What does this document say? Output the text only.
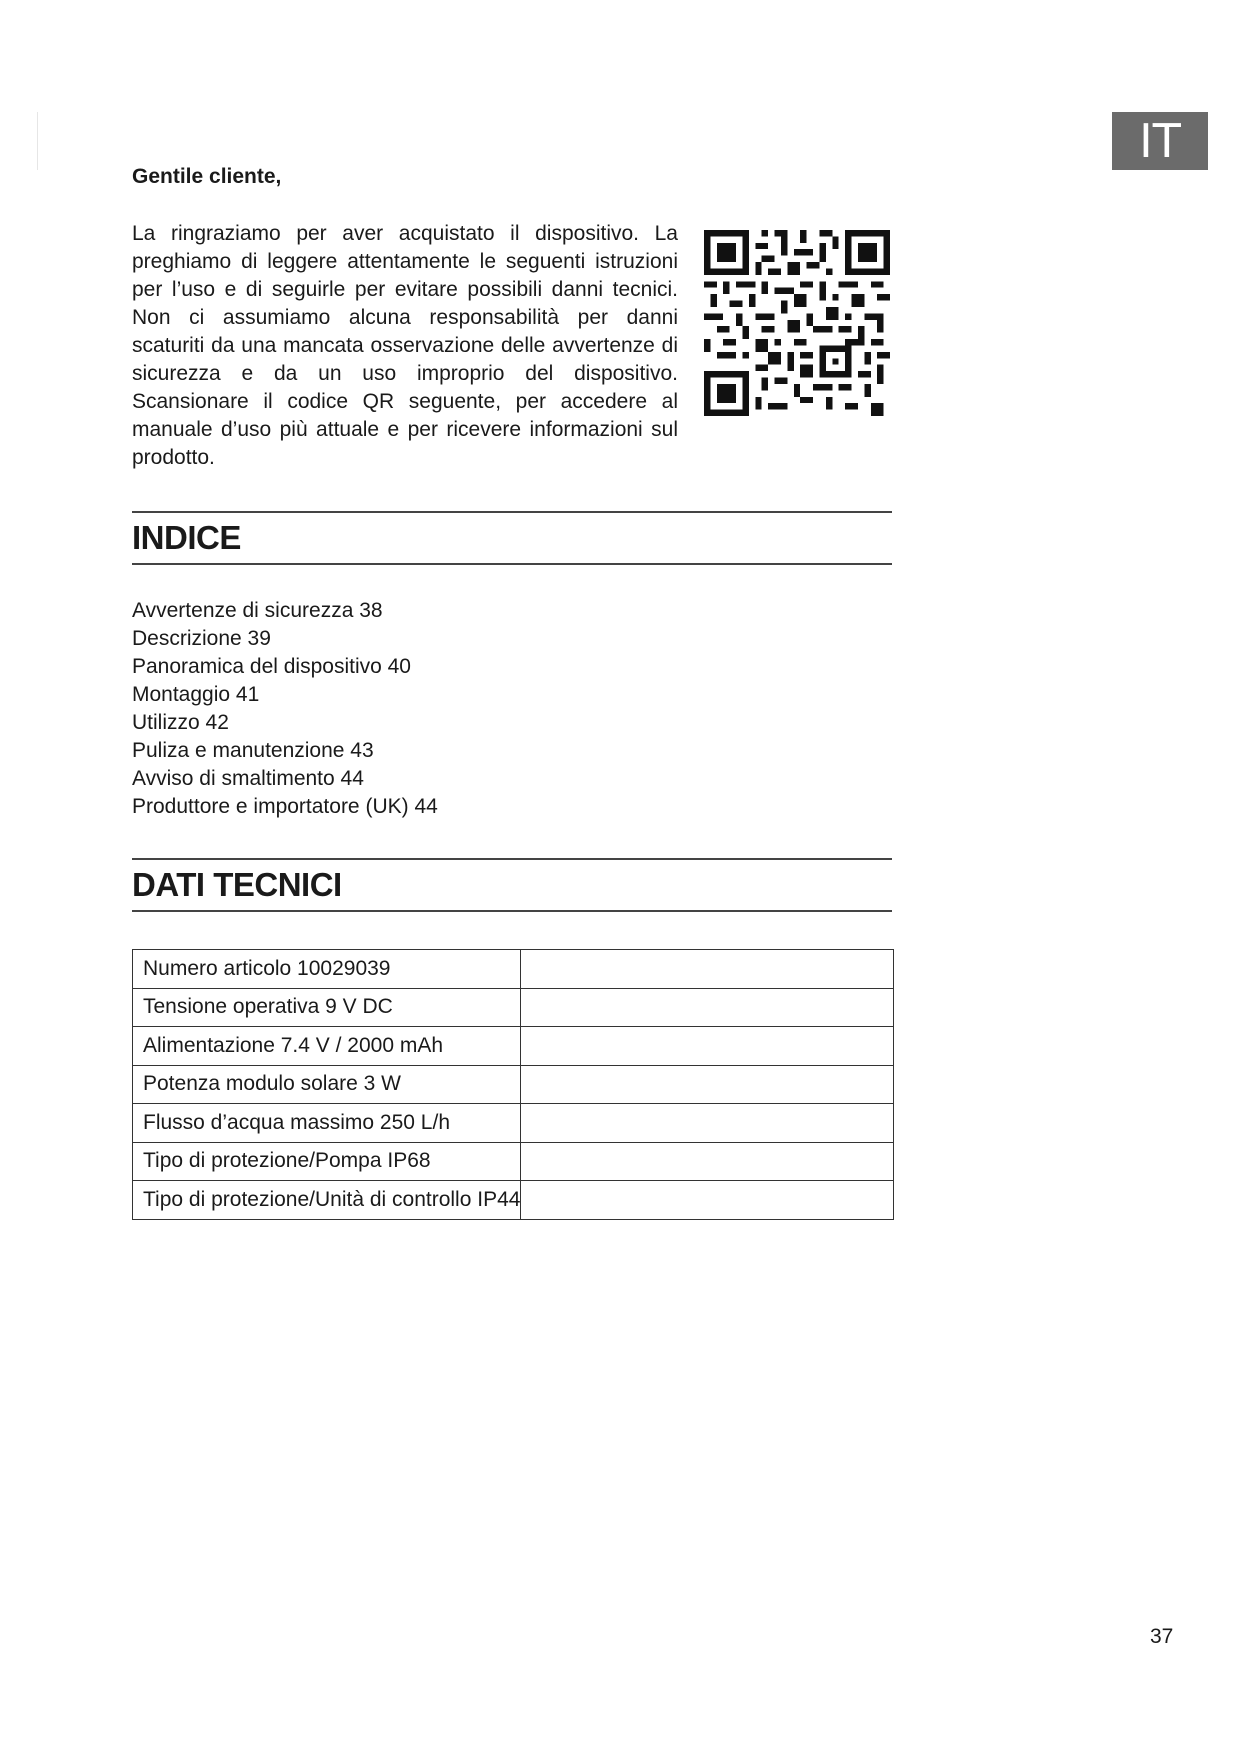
IT
Gentile cliente,

La ringraziamo per aver acquistato il dispositivo. La preghiamo di leggere attentamente le seguenti istruzioni per l’uso e di seguirle per evitare possibili danni tecnici. Non ci assumiamo alcuna responsabilità per danni scaturiti da una mancata osservazione delle avvertenze di sicurezza e da un uso improprio del dispositivo. Scansionare il codice QR seguente, per accedere al manuale d’uso più attuale e per ricevere informazioni sul prodotto.

INDICE
Avvertenze di sicurezza 38
Descrizione 39
Panoramica del dispositivo 40
Montaggio 41
Utilizzo 42
Puliza e manutenzione 43
Avviso di smaltimento 44
Produttore e importatore (UK) 44
DATI TECNICI
Numero articolo 10029039	
Tensione operativa 9 V DC	
Alimentazione 7.4 V / 2000 mAh	
Potenza modulo solare 3 W	
Flusso d’acqua massimo 250 L/h	
Tipo di protezione/Pompa IP68	
Tipo di protezione/Unità di controllo IP44	
37
